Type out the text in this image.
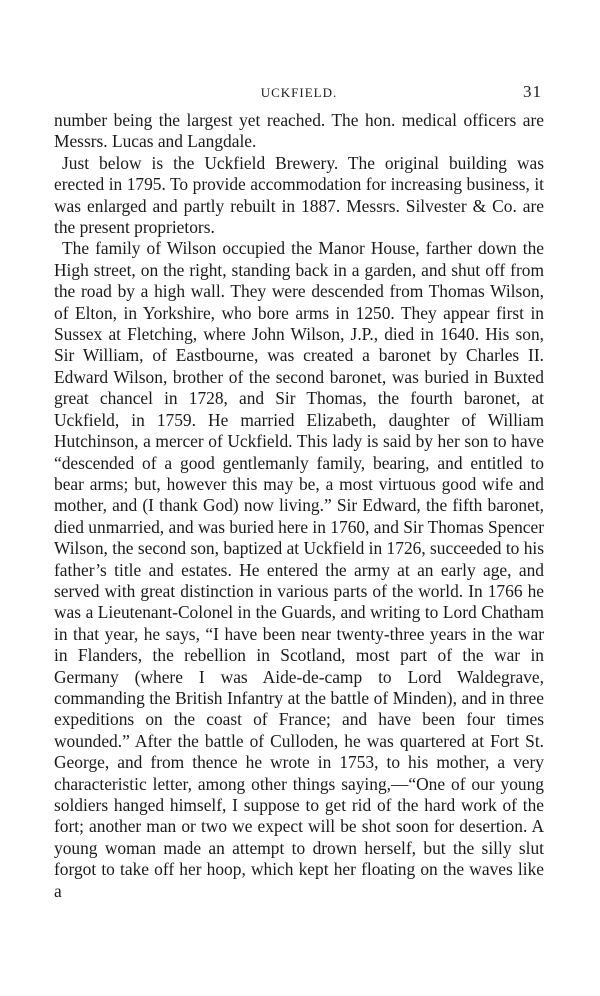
UCKFIELD.	31

number being the largest yet reached. The hon. medical officers are Messrs. Lucas and Langdale.

Just below is the Uckfield Brewery. The original building was erected in 1795. To provide accommodation for increasing business, it was enlarged and partly rebuilt in 1887. Messrs. Silvester & Co. are the present proprietors.

The family of Wilson occupied the Manor House, farther down the High street, on the right, standing back in a garden, and shut off from the road by a high wall. They were descended from Thomas Wilson, of Elton, in Yorkshire, who bore arms in 1250. They appear first in Sussex at Fletching, where John Wilson, J.P., died in 1640. His son, Sir William, of Eastbourne, was created a baronet by Charles II. Edward Wilson, brother of the second baronet, was buried in Buxted great chancel in 1728, and Sir Thomas, the fourth baronet, at Uckfield, in 1759. He married Elizabeth, daughter of William Hutchinson, a mercer of Uckfield. This lady is said by her son to have “descended of a good gentlemanly family, bearing, and entitled to bear arms; but, however this may be, a most virtuous good wife and mother, and (I thank God) now living.” Sir Edward, the fifth baronet, died unmarried, and was buried here in 1760, and Sir Thomas Spencer Wilson, the second son, baptized at Uckfield in 1726, succeeded to his father’s title and estates. He entered the army at an early age, and served with great distinction in various parts of the world. In 1766 he was a Lieutenant-Colonel in the Guards, and writing to Lord Chatham in that year, he says, “I have been near twenty-three years in the war in Flanders, the rebellion in Scotland, most part of the war in Germany (where I was Aide-de-camp to Lord Waldegrave, commanding the British Infantry at the battle of Minden), and in three expeditions on the coast of France; and have been four times wounded.” After the battle of Culloden, he was quartered at Fort St. George, and from thence he wrote in 1753, to his mother, a very characteristic letter, among other things saying,—“One of our young soldiers hanged himself, I suppose to get rid of the hard work of the fort; another man or two we expect will be shot soon for desertion. A young woman made an attempt to drown herself, but the silly slut forgot to take off her hoop, which kept her floating on the waves like a
